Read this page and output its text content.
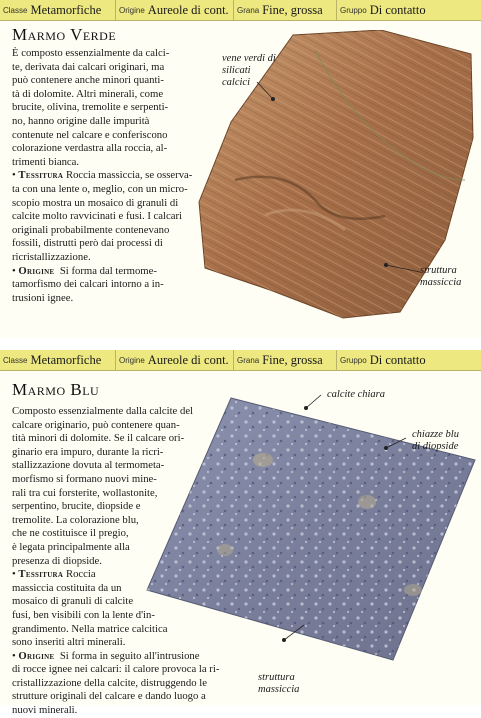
Classe Metamorfiche Origine Aureole di cont. Grana Fine, grossa Gruppo Di contatto
Marmo Verde
vene verdi di
silicati
calcici
struttura
massiccia

È composto essenzialmente da calci-

te, derivata dai calcari originari, ma

può contenere anche minori quanti-

tà di dolomite. Altri minerali, come

brucite, olivina, tremolite e serpenti-

no, hanno origine dalle impurità

contenute nel calcare e conferiscono

colorazione verdastra alla roccia, al-

trimenti bianca.

• Tessitura Roccia massiccia, se osserva-

ta con una lente o, meglio, con un micro-

scopio mostra un mosaico di granuli di

calcite molto ravvicinati e fusi. I calcari

originali probabilmente contenevano

fossili, distrutti però dai processi di

ricristallizzazione.

• Origine Si forma dal termome-

tamorfismo dei calcari intorno a in-

trusioni ignee.

Classe Metamorfiche Origine Aureole di cont. Grana Fine, grossa Gruppo Di contatto
Marmo Blu	calcite chiara
chiazze blu
di diopside
struttura
massiccia

Composto essenzialmente dalla calcite del

calcare originario, può contenere quan-

tità minori di dolomite. Se il calcare ori-

ginario era impuro, durante la ricri-

stallizzazione dovuta al termometa-

morfismo si formano nuovi mine-

rali tra cui forsterite, wollastonite,

serpentino, brucite, diopside e

tremolite. La colorazione blu,

che ne costituisce il pregio,

è legata principalmente alla

presenza di diopside.

• Tessitura Roccia

massiccia costituita da un

mosaico di granuli di calcite

fusi, ben visibili con la lente d'in-

grandimento. Nella matrice calcitica

sono inseriti altri minerali.

• Origine Si forma in seguito all'intrusione

di rocce ignee nei calcari: il calore provoca la ri-

cristallizzazione della calcite, distruggendo le

strutture originali del calcare e dando luogo a

nuovi minerali.
